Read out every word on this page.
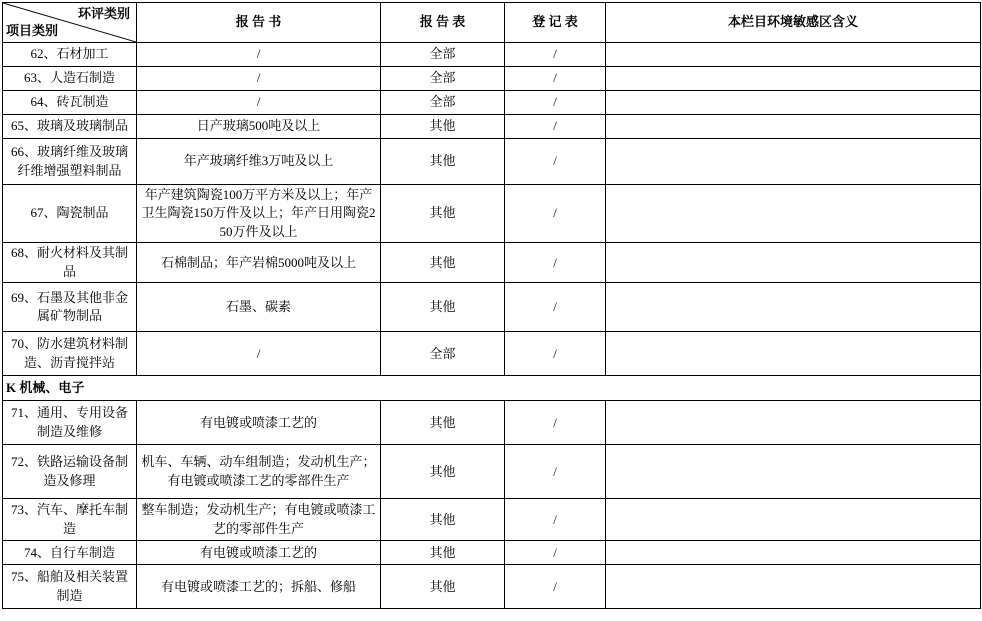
环评类别
项目类别	报 告 书	报 告 表	登 记 表	本栏目环境敏感区含义
62、石材加工	/	全部	/	
63、人造石制造	/	全部	/	
64、砖瓦制造	/	全部	/	
65、玻璃及玻璃制品	日产玻璃500吨及以上	其他	/	
66、玻璃纤维及玻璃纤维增强塑料制品	年产玻璃纤维3万吨及以上	其他	/	
67、陶瓷制品	年产建筑陶瓷100万平方米及以上；年产卫生陶瓷150万件及以上；年产日用陶瓷250万件及以上	其他	/	
68、耐火材料及其制品	石棉制品；年产岩棉5000吨及以上	其他	/	
69、石墨及其他非金属矿物制品	石墨、碳素	其他	/	
70、防水建筑材料制造、沥青搅拌站	/	全部	/	
K 机械、电子				
71、通用、专用设备制造及维修	有电镀或喷漆工艺的	其他	/	
72、铁路运输设备制造及修理	机车、车辆、动车组制造；发动机生产；有电镀或喷漆工艺的零部件生产	其他	/	
73、汽车、摩托车制造	整车制造；发动机生产；有电镀或喷漆工艺的零部件生产	其他	/	
74、自行车制造	有电镀或喷漆工艺的	其他	/	
75、船舶及相关装置制造	有电镀或喷漆工艺的；拆船、修船	其他	/	
